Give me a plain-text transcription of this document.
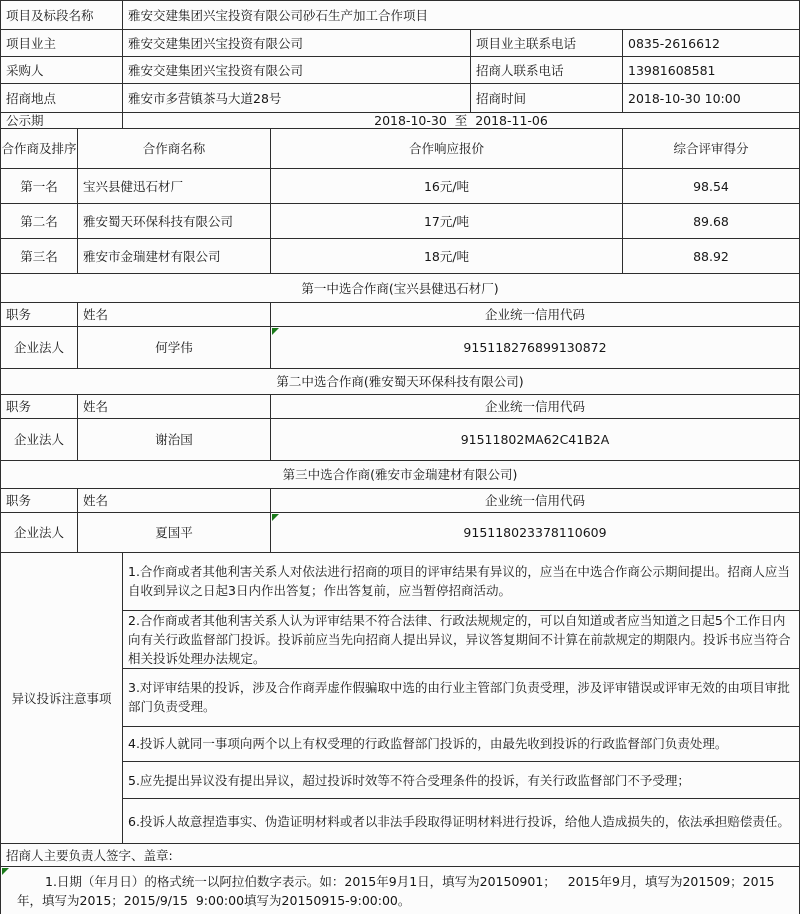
项目及标段名称	雅安交建集团兴宝投资有限公司砂石生产加工合作项目
项目业主	雅安交建集团兴宝投资有限公司	项目业主联系电话	0835-2616612
采购人	雅安交建集团兴宝投资有限公司	招商人联系电话	13981608581
招商地点	雅安市多营镇茶马大道28号	招商时间	2018-10-30 10:00
公示期	2018-10-30  至  2018-11-06
合作商及排序	合作商名称	合作响应报价	综合评审得分
第一名	宝兴县健迅石材厂	16元/吨	98.54
第二名	雅安蜀天环保科技有限公司	17元/吨	89.68
第三名	雅安市金瑞建材有限公司	18元/吨	88.92
第一中选合作商(宝兴县健迅石材厂)
职务	姓名	企业统一信用代码
企业法人	何学伟	915118276899130872
第二中选合作商(雅安蜀天环保科技有限公司)
职务	姓名	企业统一信用代码
企业法人	谢治国	91511802MA62C41B2A
第三中选合作商(雅安市金瑞建材有限公司)
职务	姓名	企业统一信用代码
企业法人	夏国平	915118023378110609
异议投诉注意事项
1.合作商或者其他利害关系人对依法进行招商的项目的评审结果有异议的，应当在中选合作商公示期间提出。招商人应当自收到异议之日起3日内作出答复；作出答复前，应当暂停招商活动。
2.合作商或者其他利害关系人认为评审结果不符合法律、行政法规规定的，可以自知道或者应当知道之日起5个工作日内向有关行政监督部门投诉。投诉前应当先向招商人提出异议，异议答复期间不计算在前款规定的期限内。投诉书应当符合相关投诉处理办法规定。
3.对评审结果的投诉，涉及合作商弄虚作假骗取中选的由行业主管部门负责受理，涉及评审错误或评审无效的由项目审批部门负责受理。
4.投诉人就同一事项向两个以上有权受理的行政监督部门投诉的，由最先收到投诉的行政监督部门负责处理。
5.应先提出异议没有提出异议，超过投诉时效等不符合受理条件的投诉，有关行政监督部门不予受理；
6.投诉人故意捏造事实、伪造证明材料或者以非法手段取得证明材料进行投诉，给他人造成损失的，依法承担赔偿责任。
招商人主要负责人签字、盖章:
1.日期（年月日）的格式统一以阿拉伯数字表示。如：2015年9月1日，填写为20150901；   2015年9月，填写为201509；2015年，填写为2015；2015/9/15  9:00:00填写为20150915-9:00:00。
